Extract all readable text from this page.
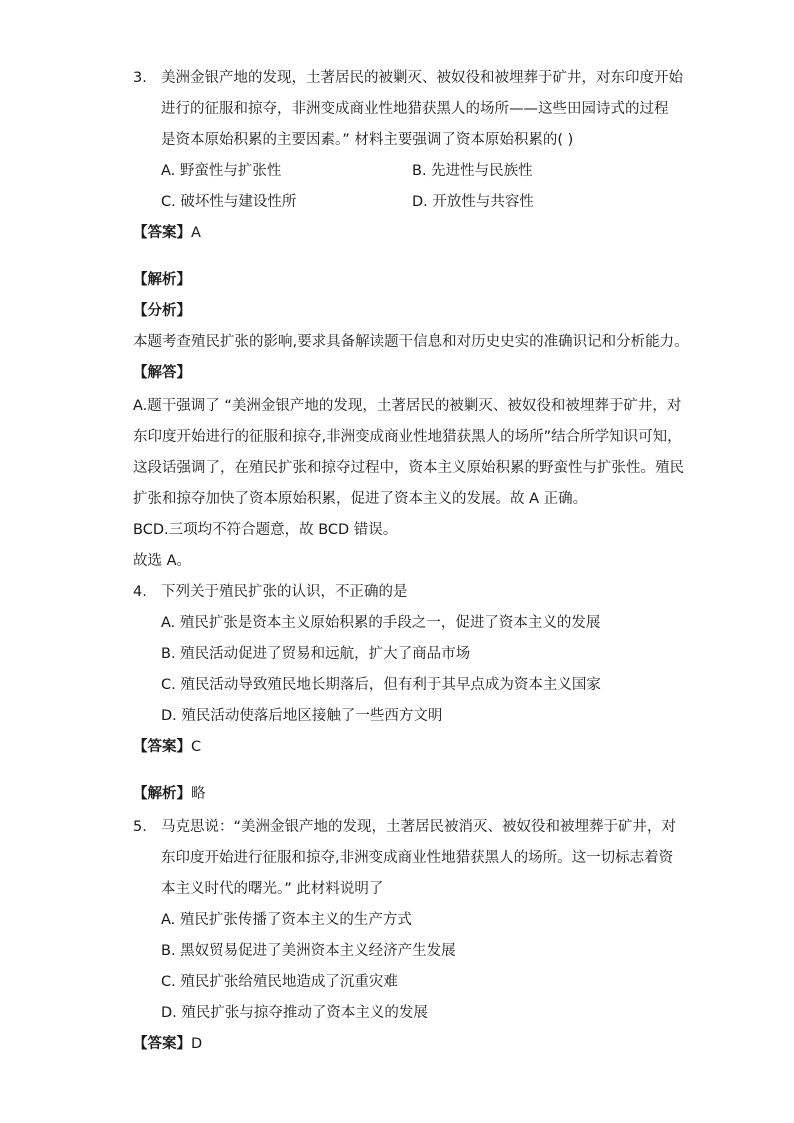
3. 美洲金银产地的发现，土著居民的被剿灭、被奴役和被埋葬于矿井，对东印度开始
进行的征服和掠夺，非洲变成商业性地猎获黑人的场所——这些田园诗式的过程
是资本原始积累的主要因素。” 材料主要强调了资本原始积累的( )
A. 野蛮性与扩张性	B. 先进性与民族性
C. 破坏性与建设性所	D. 开放性与共容性
【答案】A
【解析】
【分析】
本题考查殖民扩张的影响,要求具备解读题干信息和对历史史实的准确识记和分析能力。
【解答】
A.题干强调了 “美洲金银产地的发现，土著居民的被剿灭、被奴役和被埋葬于矿井，对
东印度开始进行的征服和掠夺,非洲变成商业性地猎获黑人的场所”结合所学知识可知，
这段话强调了，在殖民扩张和掠夺过程中，资本主义原始积累的野蛮性与扩张性。殖民
扩张和掠夺加快了资本原始积累，促进了资本主义的发展。故 A 正确。
BCD.三项均不符合题意，故 BCD 错误。
故选 A。
4. 下列关于殖民扩张的认识，不正确的是
A. 殖民扩张是资本主义原始积累的手段之一，促进了资本主义的发展
B. 殖民活动促进了贸易和远航，扩大了商品市场
C. 殖民活动导致殖民地长期落后，但有利于其早点成为资本主义国家
D. 殖民活动使落后地区接触了一些西方文明
【答案】C
【解析】略
5. 马克思说：“美洲金银产地的发现，土著居民被消灭、被奴役和被埋葬于矿井，对
东印度开始进行征服和掠夺,非洲变成商业性地猎获黑人的场所。这一切标志着资
本主义时代的曙光。” 此材料说明了
A. 殖民扩张传播了资本主义的生产方式
B. 黑奴贸易促进了美洲资本主义经济产生发展
C. 殖民扩张给殖民地造成了沉重灾难
D. 殖民扩张与掠夺推动了资本主义的发展
【答案】D
